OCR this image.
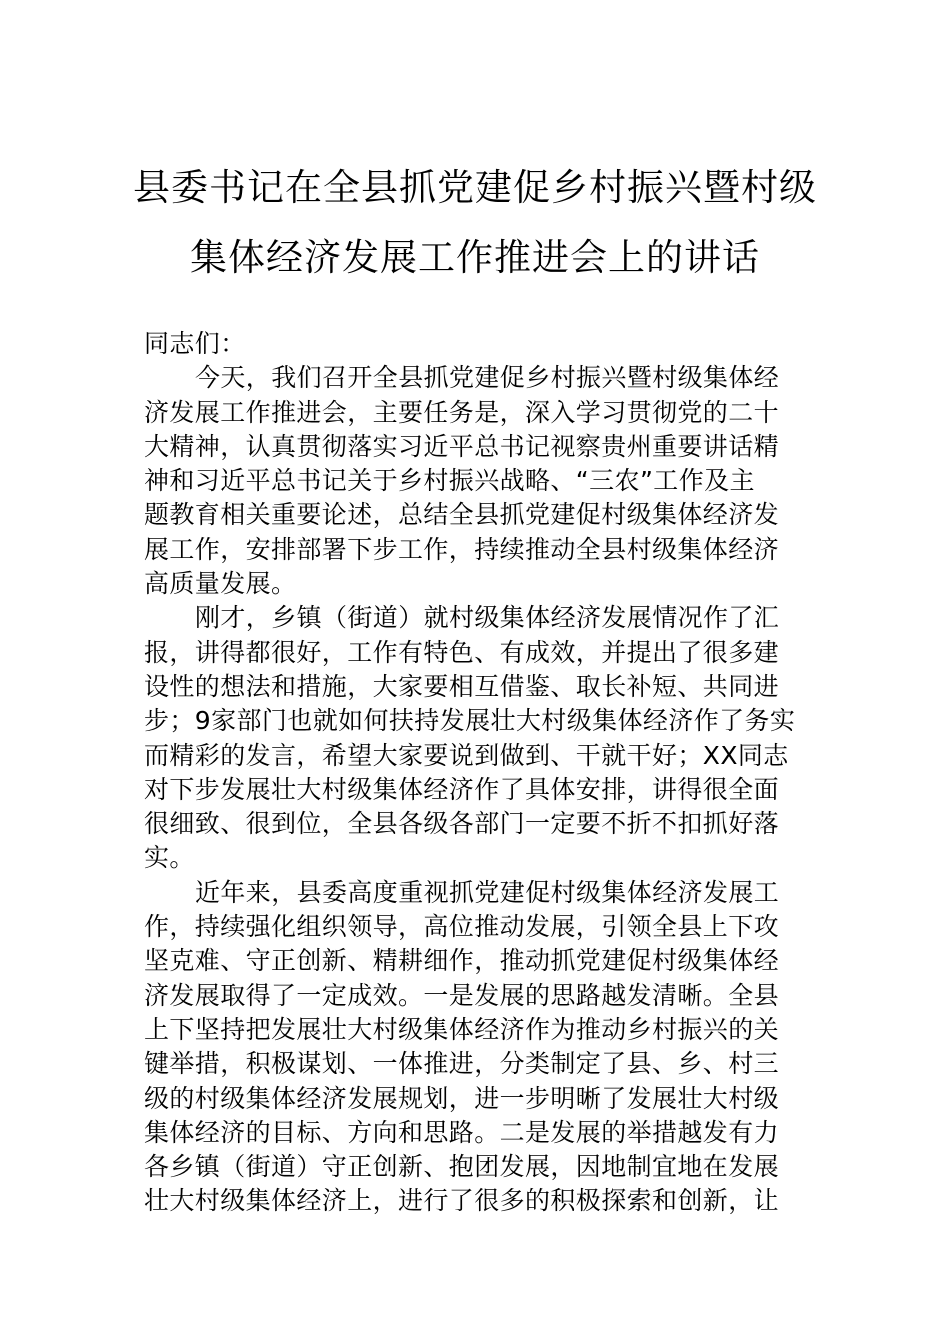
县委书记在全县抓党建促乡村振兴暨村级
集体经济发展工作推进会上的讲话
同志们：
今天，我们召开全县抓党建促乡村振兴暨村级集体经
济发展工作推进会，主要任务是，深入学习贯彻党的二十
大精神，认真贯彻落实习近平总书记视察贵州重要讲话精
神和习近平总书记关于乡村振兴战略、“三农”工作及主
题教育相关重要论述，总结全县抓党建促村级集体经济发
展工作，安排部署下步工作，持续推动全县村级集体经济
高质量发展。
刚才，乡镇（街道）就村级集体经济发展情况作了汇
报，讲得都很好，工作有特色、有成效，并提出了很多建
设性的想法和措施，大家要相互借鉴、取长补短、共同进
步；9家部门也就如何扶持发展壮大村级集体经济作了务实
而精彩的发言，希望大家要说到做到、干就干好；XX同志
对下步发展壮大村级集体经济作了具体安排，讲得很全面
很细致、很到位，全县各级各部门一定要不折不扣抓好落
实。
近年来，县委高度重视抓党建促村级集体经济发展工
作，持续强化组织领导，高位推动发展，引领全县上下攻
坚克难、守正创新、精耕细作，推动抓党建促村级集体经
济发展取得了一定成效。一是发展的思路越发清晰。全县
上下坚持把发展壮大村级集体经济作为推动乡村振兴的关
键举措，积极谋划、一体推进，分类制定了县、乡、村三
级的村级集体经济发展规划，进一步明晰了发展壮大村级
集体经济的目标、方向和思路。二是发展的举措越发有力
各乡镇（街道）守正创新、抱团发展，因地制宜地在发展
壮大村级集体经济上，进行了很多的积极探索和创新，让
